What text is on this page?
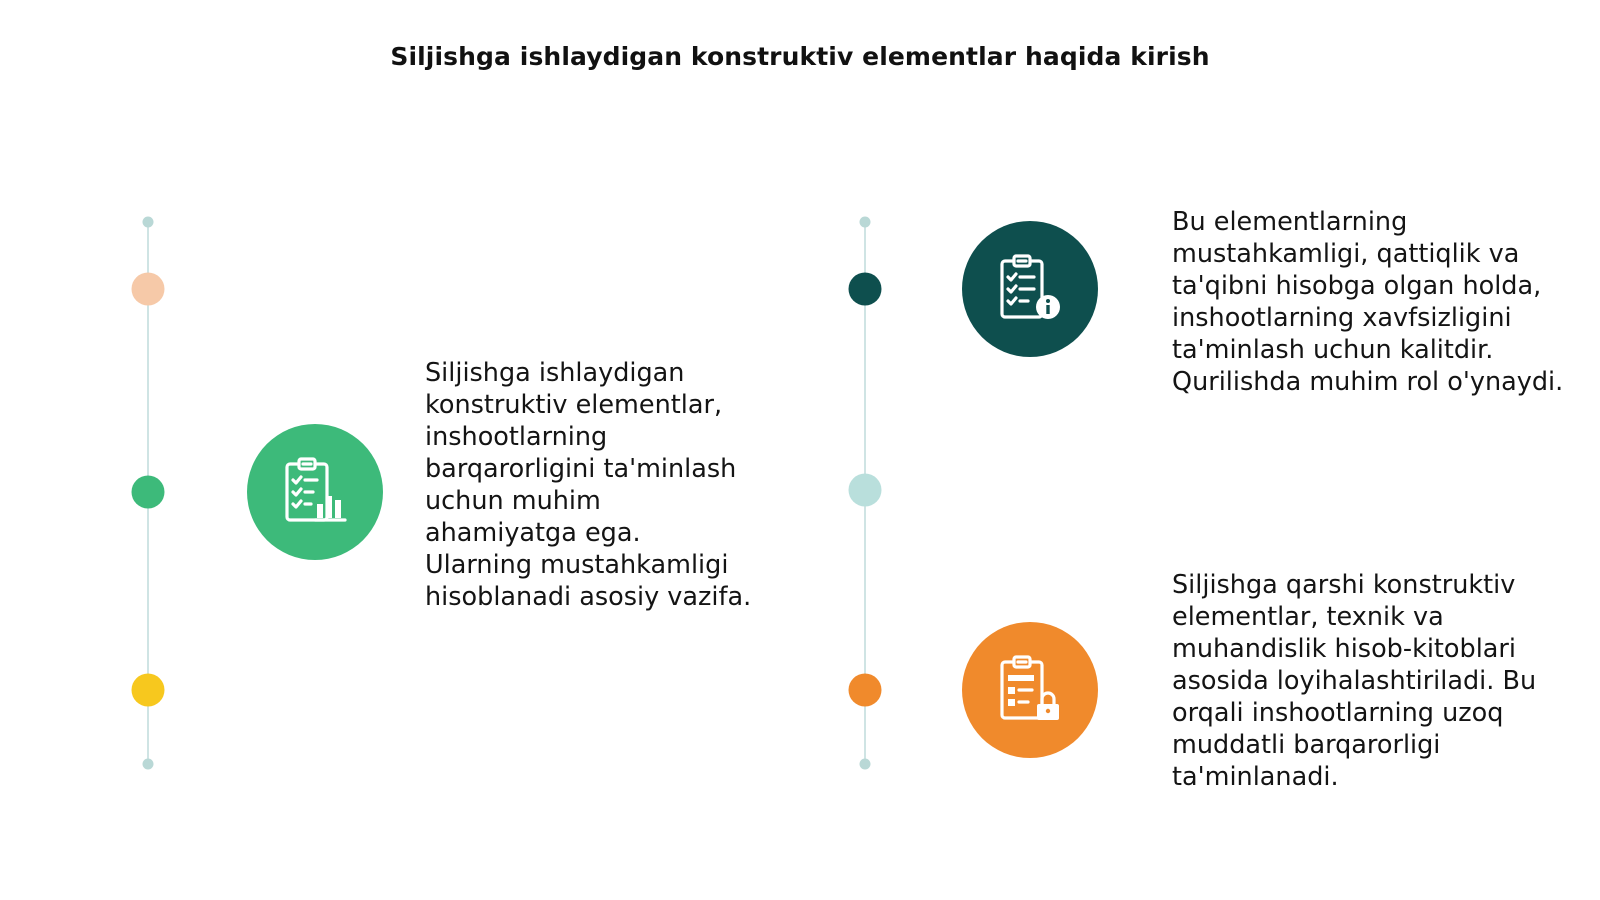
Siljishga ishlaydigan konstruktiv elementlar haqida kirish
Siljishga ishlaydigan konstruktiv elementlar, inshootlarning barqarorligini ta'minlash uchun muhim ahamiyatga ega. Ularning mustahkamligi hisoblanadi asosiy vazifa.
Bu elementlarning mustahkamligi, qattiqlik va ta'qibni hisobga olgan holda, inshootlarning xavfsizligini ta'minlash uchun kalitdir. Qurilishda muhim rol o'ynaydi.
Siljishga qarshi konstruktiv elementlar, texnik va muhandislik hisob-kitoblari asosida loyihalashtiriladi. Bu orqali inshootlarning uzoq muddatli barqarorligi ta'minlanadi.
